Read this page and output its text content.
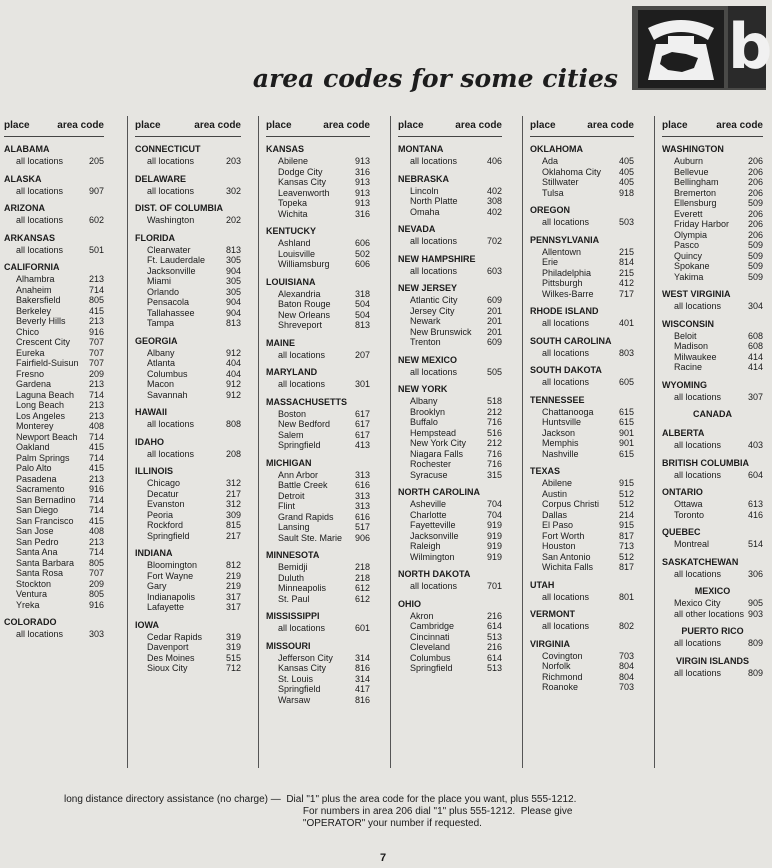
b
area codes for some cities
place	area code
ALABAMA
all locations	205
ALASKA
all locations	907
ARIZONA
all locations	602
ARKANSAS
all locations	501
CALIFORNIA
Alhambra	213
Anaheim	714
Bakersfield	805
Berkeley	415
Beverly Hills	213
Chico	916
Crescent City	707
Eureka	707
Fairfield-Suisun	707
Fresno	209
Gardena	213
Laguna Beach	714
Long Beach	213
Los Angeles	213
Monterey	408
Newport Beach	714
Oakland	415
Palm Springs	714
Palo Alto	415
Pasadena	213
Sacramento	916
San Bernadino	714
San Diego	714
San Francisco	415
San Jose	408
San Pedro	213
Santa Ana	714
Santa Barbara	805
Santa Rosa	707
Stockton	209
Ventura	805
Yreka	916
COLORADO
all locations	303
place	area code
CONNECTICUT
all locations	203
DELAWARE
all locations	302
DIST. OF COLUMBIA
Washington	202
FLORIDA
Clearwater	813
Ft. Lauderdale	305
Jacksonville	904
Miami	305
Orlando	305
Pensacola	904
Tallahassee	904
Tampa	813
GEORGIA
Albany	912
Atlanta	404
Columbus	404
Macon	912
Savannah	912
HAWAII
all locations	808
IDAHO
all locations	208
ILLINOIS
Chicago	312
Decatur	217
Evanston	312
Peoria	309
Rockford	815
Springfield	217
INDIANA
Bloomington	812
Fort Wayne	219
Gary	219
Indianapolis	317
Lafayette	317
IOWA
Cedar Rapids	319
Davenport	319
Des Moines	515
Sioux City	712
place	area code
KANSAS
Abilene	913
Dodge City	316
Kansas City	913
Leavenworth	913
Topeka	913
Wichita	316
KENTUCKY
Ashland	606
Louisville	502
Williamsburg	606
LOUISIANA
Alexandria	318
Baton Rouge	504
New Orleans	504
Shreveport	813
MAINE
all locations	207
MARYLAND
all locations	301
MASSACHUSETTS
Boston	617
New Bedford	617
Salem	617
Springfield	413
MICHIGAN
Ann Arbor	313
Battle Creek	616
Detroit	313
Flint	313
Grand Rapids	616
Lansing	517
Sault Ste. Marie	906
MINNESOTA
Bemidji	218
Duluth	218
Minneapolis	612
St. Paul	612
MISSISSIPPI
all locations	601
MISSOURI
Jefferson City	314
Kansas City	816
St. Louis	314
Springfield	417
Warsaw	816
place	area code
MONTANA
all locations	406
NEBRASKA
Lincoln	402
North Platte	308
Omaha	402
NEVADA
all locations	702
NEW HAMPSHIRE
all locations	603
NEW JERSEY
Atlantic City	609
Jersey City	201
Newark	201
New Brunswick	201
Trenton	609
NEW MEXICO
all locations	505
NEW YORK
Albany	518
Brooklyn	212
Buffalo	716
Hempstead	516
New York City	212
Niagara Falls	716
Rochester	716
Syracuse	315
NORTH CAROLINA
Asheville	704
Charlotte	704
Fayetteville	919
Jacksonville	919
Raleigh	919
Wilmington	919
NORTH DAKOTA
all locations	701
OHIO
Akron	216
Cambridge	614
Cincinnati	513
Cleveland	216
Columbus	614
Springfield	513
place	area code
OKLAHOMA
Ada	405
Oklahoma City	405
Stillwater	405
Tulsa	918
OREGON
all locations	503
PENNSYLVANIA
Allentown	215
Erie	814
Philadelphia	215
Pittsburgh	412
Wilkes-Barre	717
RHODE ISLAND
all locations	401
SOUTH CAROLINA
all locations	803
SOUTH DAKOTA
all locations	605
TENNESSEE
Chattanooga	615
Huntsville	615
Jackson	901
Memphis	901
Nashville	615
TEXAS
Abilene	915
Austin	512
Corpus Christi	512
Dallas	214
El Paso	915
Fort Worth	817
Houston	713
San Antonio	512
Wichita Falls	817
UTAH
all locations	801
VERMONT
all locations	802
VIRGINIA
Covington	703
Norfolk	804
Richmond	804
Roanoke	703
place	area code
WASHINGTON
Auburn	206
Bellevue	206
Bellingham	206
Bremerton	206
Ellensburg	509
Everett	206
Friday Harbor	206
Olympia	206
Pasco	509
Quincy	509
Spokane	509
Yakima	509
WEST VIRGINIA
all locations	304
WISCONSIN
Beloit	608
Madison	608
Milwaukee	414
Racine	414
WYOMING
all locations	307
CANADA
ALBERTA
all locations	403
BRITISH COLUMBIA
all locations	604
ONTARIO
Ottawa	613
Toronto	416
QUEBEC
Montreal	514
SASKATCHEWAN
all locations	306
MEXICO
Mexico City	905
all other locations 903
PUERTO RICO
all locations	809
VIRGIN ISLANDS
all locations	809
long distance directory assistance (no charge) —  Dial "1" plus the area code for the place you want, plus 555-1212.
For numbers in area 206 dial "1" plus 555-1212.  Please give
"OPERATOR" your number if requested.
7
